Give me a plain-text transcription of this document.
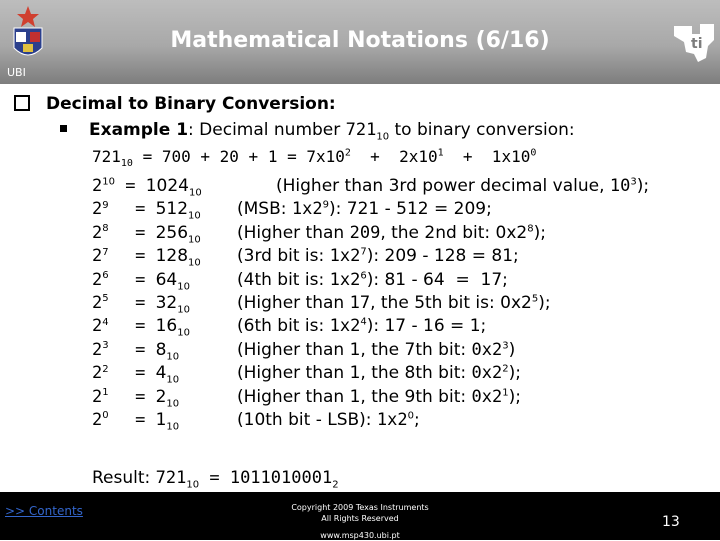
Mathematical Notations (6/16)
UBI
ti
Decimal to Binary Conversion:
Example 1: Decimal number $721_{10}$ to binary conversion:
$721_{10} = 700 + 20 + 1 = 7x10^2 + 2x10^1 + 1x10^0$
$2^{10} = 1024_{10}$
$2^9 = 512_{10}$
$2^8 = 256_{10}$
$2^7 = 128_{10}$
$2^6 = 64_{10}$
$2^5 = 32_{10}$
$2^4 = 16_{10}$
$2^3 = 8_{10}$
$2^2 = 4_{10}$
$2^1 = 2_{10}$
$2^0 = 1_{10}$
(Higher than 3rd power decimal value, $10^3$);
(MSB: $1x2^9$): 721 - 512 = 209;
(Higher than 209, the 2nd bit: $0x2^8$);
(3rd bit is: $1x2^7$): 209 - 128 = 81;
(4th bit is: $1x2^6$): 81 - 64  =  17;
(Higher than 17, the 5th bit is: $0x2^5$);
(6th bit is: $1x2^4$): 17 - 16 = 1;
(Higher than 1, the 7th bit: $0x2^3$)
(Higher than 1, the 8th bit: $0x2^2$);
(Higher than 1, the 9th bit: $0x2^1$);
(10th bit - LSB): $1x2^0$;
Result: $721_{10} = 1011010001_2$
>> Contents	Copyright 2009 Texas Instruments
All Rights Reserved
www.msp430.ubi.pt
13
